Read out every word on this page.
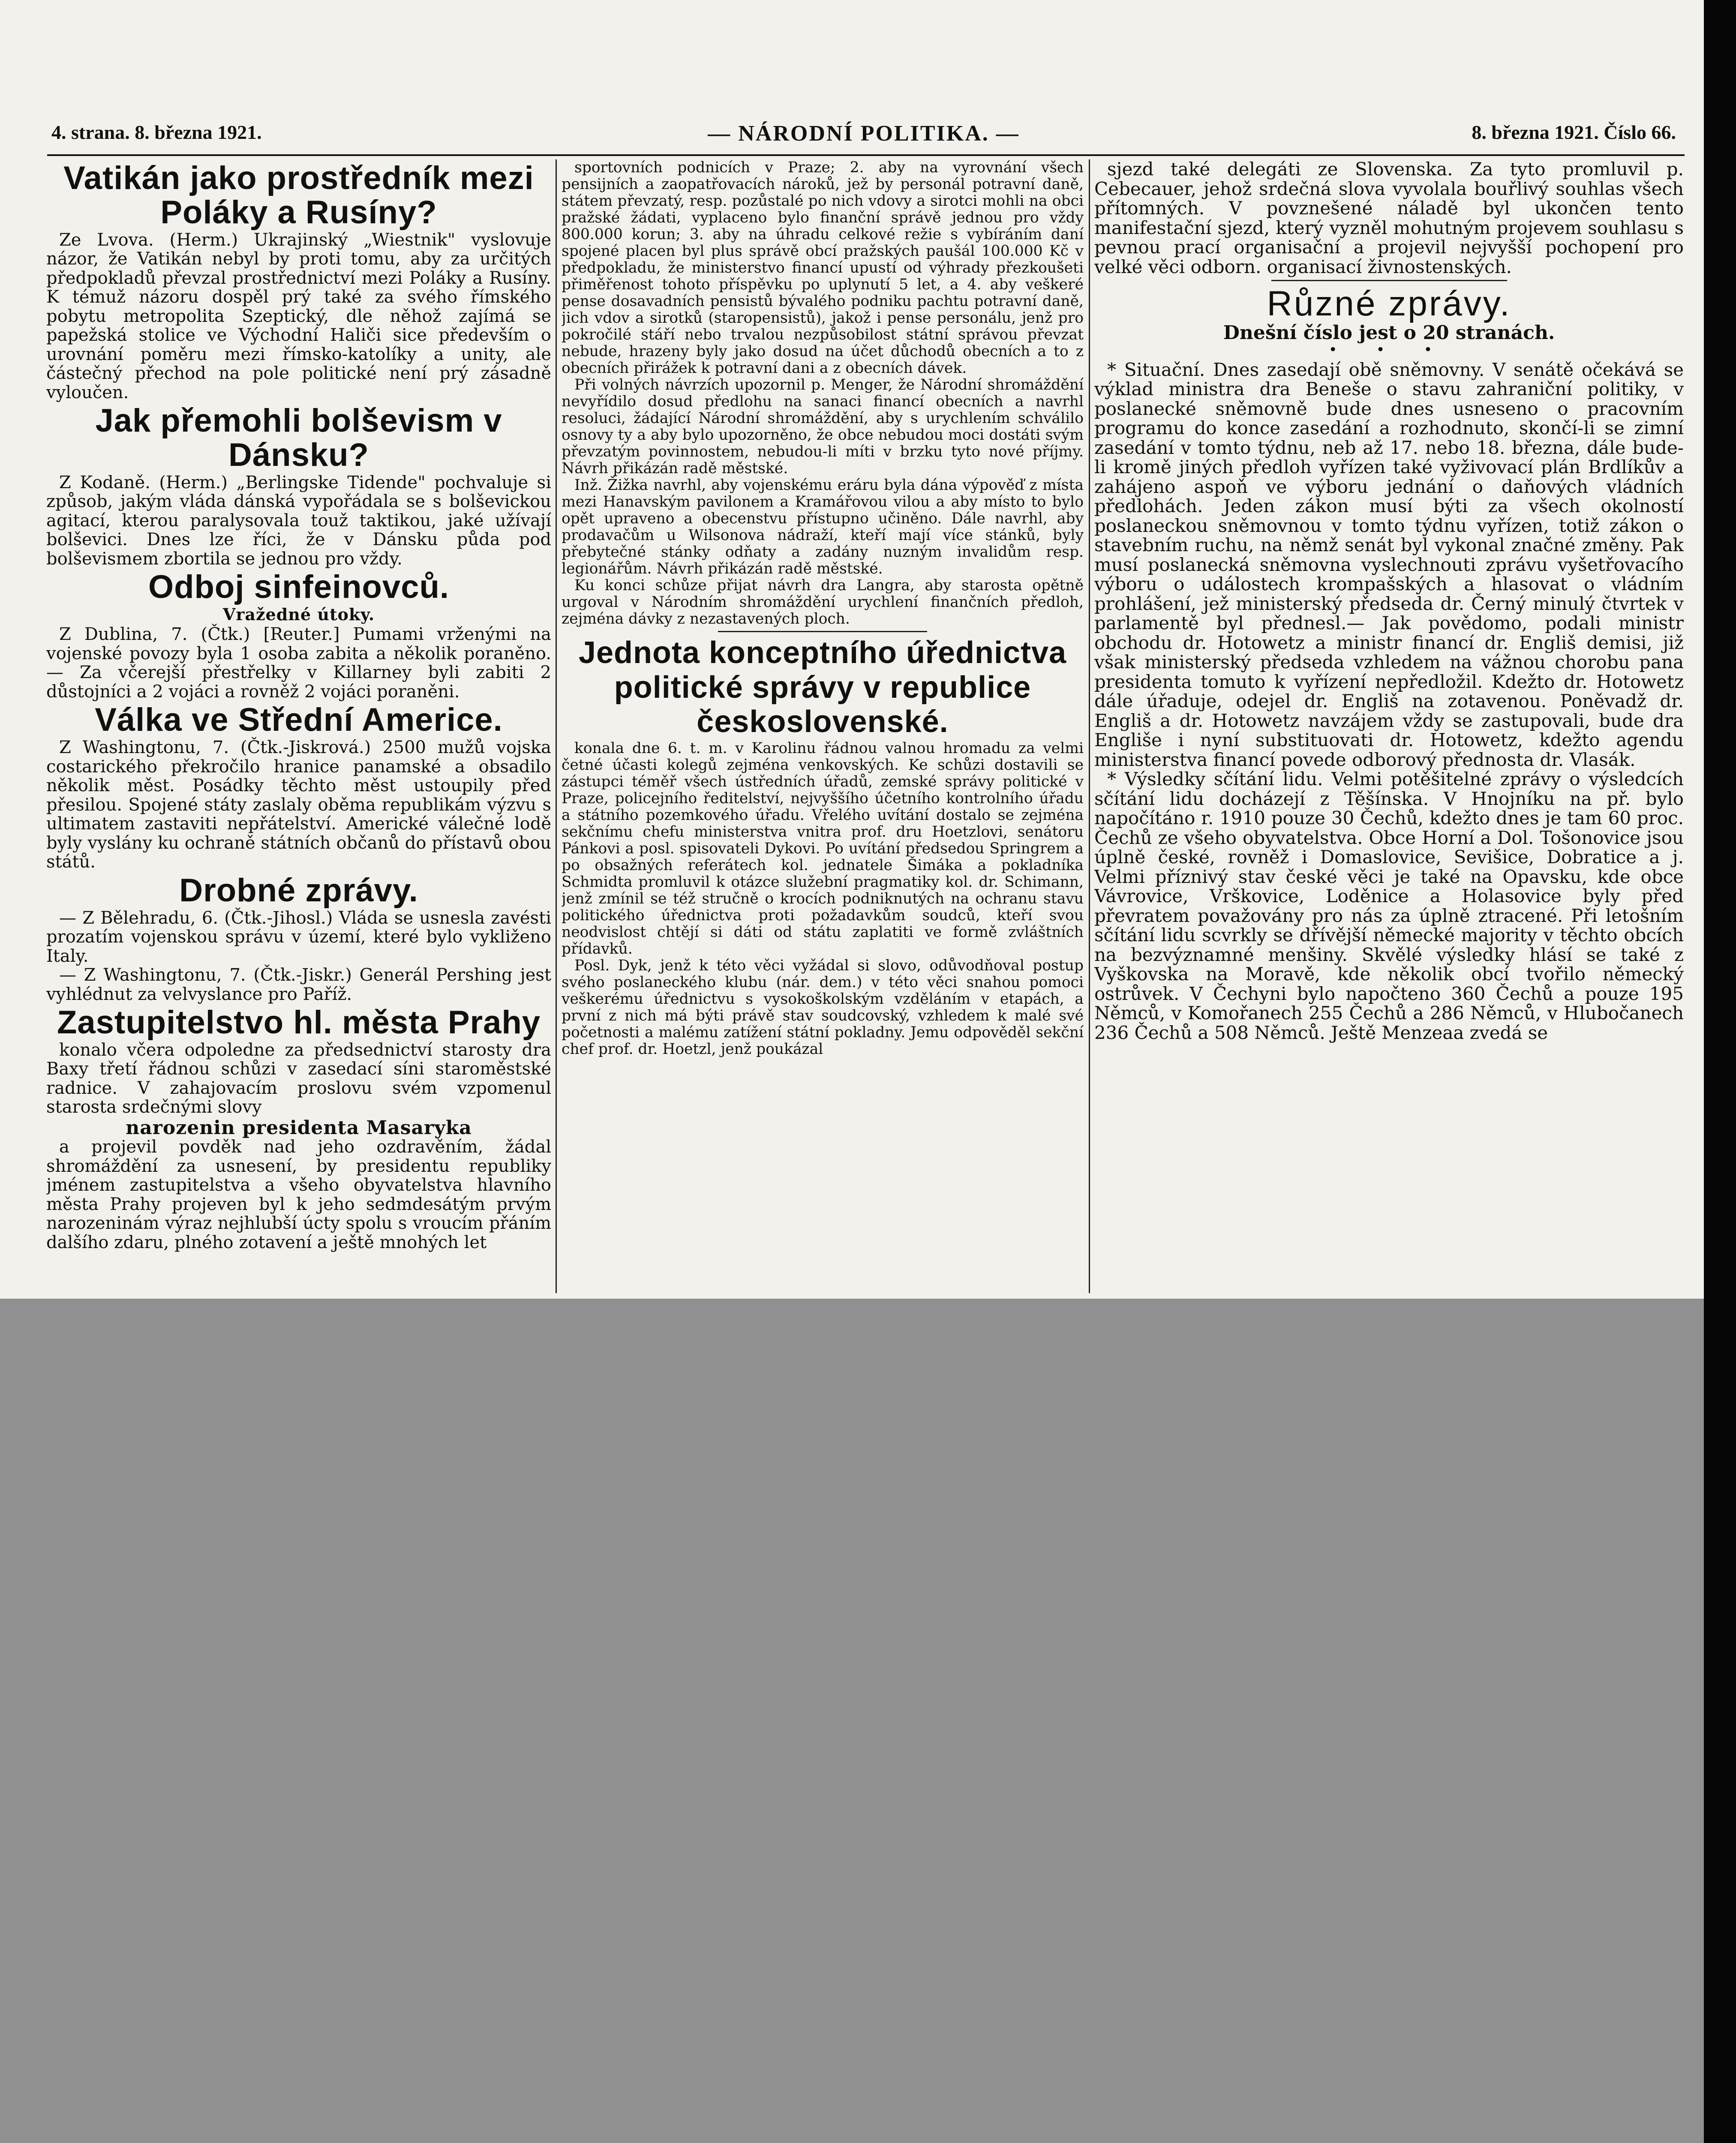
— NÁRODNÍ POLITIKA. —
4. strana. 8. března 1921.	8. března 1921. Číslo 66.
Vatikán jako prostředník mezi Poláky a Rusíny?

Ze Lvova. (Herm.) Ukrajinský „Wiestnik" vyslovuje názor, že Vatikán nebyl by proti tomu, aby za určitých předpokladů převzal prostřednictví mezi Poláky a Rusíny. K témuž názoru dospěl prý také za svého římského pobytu metropolita Szeptický, dle něhož zajímá se papežská stolice ve Východní Haliči sice především o urovnání poměru mezi římsko-katolíky a unity, ale částečný přechod na pole politické není prý zásadně vyloučen.

Jak přemohli bolševism v Dánsku?

Z Kodaně. (Herm.) „Berlingske Tidende" pochvaluje si způsob, jakým vláda dánská vypořádala se s bolševickou agitací, kterou paralysovala touž taktikou, jaké užívají bolševici. Dnes lze říci, že v Dánsku půda pod bolševismem zbortila se jednou pro vždy.

Odboj sinfeinovců.
Vražedné útoky.

Z Dublina, 7. (Čtk.) [Reuter.] Pumami vrženými na vojenské povozy byla 1 osoba zabita a několik poraněno. — Za včerejší přestřelky v Killarney byli zabiti 2 důstojníci a 2 vojáci a rovněž 2 vojáci poraněni.

Válka ve Střední Americe.

Z Washingtonu, 7. (Čtk.-Jiskrová.) 2500 mužů vojska costarického překročilo hranice panamské a obsadilo několik měst. Posádky těchto měst ustoupily před přesilou. Spojené státy zaslaly oběma republikám výzvu s ultimatem zastaviti nepřátelství. Americké válečné lodě byly vyslány ku ochraně státních občanů do přístavů obou států.

Drobné zprávy.

— Z Bělehradu, 6. (Čtk.-Jihosl.) Vláda se usnesla zavésti prozatím vojenskou správu v území, které bylo vykliženo Italy.

— Z Washingtonu, 7. (Čtk.-Jiskr.) Generál Pershing jest vyhlédnut za velvyslance pro Paříž.

Zastupitelstvo hl. města Prahy

konalo včera odpoledne za předsednictví starosty dra Baxy třetí řádnou schůzi v zasedací síni staroměstské radnice. V zahajovacím proslovu svém vzpomenul starosta srdečnými slovy

narozenin presidenta Masaryka

a projevil povděk nad jeho ozdravěním, žádal shromáždění za usnesení, by presidentu republiky jménem zastupitelstva a všeho obyvatelstva hlavního města Prahy projeven byl k jeho sedmdesátým prvým narozeninám výraz nejhlubší úcty spolu s vroucím přáním dalšího zdaru, plného zotavení a ještě mnohých let

sportovních podnicích v Praze; 2. aby na vyrovnání všech pensijních a zaopatřovacích nároků, jež by personál potravní daně, státem převzatý, resp. pozůstalé po nich vdovy a sirotci mohli na obci pražské žádati, vyplaceno bylo finanční správě jednou pro vždy 800.000 korun; 3. aby na úhradu celkové režie s vybíráním daní spojené placen byl plus správě obcí pražských paušál 100.000 Kč v předpokladu, že ministerstvo financí upustí od výhrady přezkoušeti přiměřenost tohoto příspěvku po uplynutí 5 let, a 4. aby veškeré pense dosavadních pensistů bývalého podniku pachtu potravní daně, jich vdov a sirotků (staropensistů), jakož i pense personálu, jenž pro pokročilé stáří nebo trvalou nezpůsobilost státní správou převzat nebude, hrazeny byly jako dosud na účet důchodů obecních a to z obecních přirážek k potravní dani a z obecních dávek.

Při volných návrzích upozornil p. Menger, že Národní shromáždění nevyřídilo dosud předlohu na sanaci financí obecních a navrhl resoluci, žádající Národní shromáždění, aby s urychlením schválilo osnovy ty a aby bylo upozorněno, že obce nebudou moci dostáti svým převzatým povinnostem, nebudou-li míti v brzku tyto nové příjmy. Návrh přikázán radě městské.

Inž. Žižka navrhl, aby vojenskému eráru byla dána výpověď z místa mezi Hanavským pavilonem a Kramářovou vilou a aby místo to bylo opět upraveno a obecenstvu přístupno učiněno. Dále navrhl, aby prodavačům u Wilsonova nádraží, kteří mají více stánků, byly přebytečné stánky odňaty a zadány nuzným invalidům resp. legionářům. Návrh přikázán radě městské.

Ku konci schůze přijat návrh dra Langra, aby starosta opětně urgoval v Národním shromáždění urychlení finančních předloh, zejména dávky z nezastavených ploch.

Jednota konceptního úřednictva politické správy v republice československé.

konala dne 6. t. m. v Karolinu řádnou valnou hromadu za velmi četné účasti kolegů zejména venkovských. Ke schůzi dostavili se zástupci téměř všech ústředních úřadů, zemské správy politické v Praze, policejního ředitelství, nejvyššího účetního kontrolního úřadu a státního pozemkového úřadu. Vřelého uvítání dostalo se zejména sekčnímu chefu ministerstva vnitra prof. dru Hoetzlovi, senátoru Pánkovi a posl. spisovateli Dykovi. Po uvítání předsedou Springrem a po obsažných referátech kol. jednatele Šimáka a pokladníka Schmidta promluvil k otázce služební pragmatiky kol. dr. Schimann, jenž zmínil se též stručně o krocích podniknutých na ochranu stavu politického úřednictva proti požadavkům soudců, kteří svou neodvislost chtějí si dáti od státu zaplatiti ve formě zvláštních přídavků.

Posl. Dyk, jenž k této věci vyžádal si slovo, odůvodňoval postup svého poslaneckého klubu (nár. dem.) v této věci snahou pomoci veškerému úřednictvu s vysokoškolským vzděláním v etapách, a první z nich má býti právě stav soudcovský, vzhledem k malé své početnosti a malému zatížení státní pokladny. Jemu odpověděl sekční chef prof. dr. Hoetzl, jenž poukázal

sjezd také delegáti ze Slovenska. Za tyto promluvil p. Cebecauer, jehož srdečná slova vyvolala bouřlivý souhlas všech přítomných. V povznešené náladě byl ukončen tento manifestační sjezd, který vyzněl mohutným projevem souhlasu s pevnou prací organisační a projevil nejvyšší pochopení pro velké věci odborn. organisací živnostenských.

Různé zprávy.
Dnešní číslo jest o 20 stranách.
• • •

* Situační. Dnes zasedají obě sněmovny. V senátě očekává se výklad ministra dra Beneše o stavu zahraniční politiky, v poslanecké sněmovně bude dnes usneseno o pracovním programu do konce zasedání a rozhodnuto, skončí-li se zimní zasedání v tomto týdnu, neb až 17. nebo 18. března, dále bude-li kromě jiných předloh vyřízen také vyživovací plán Brdlíkův a zahájeno aspoň ve výboru jednání o daňových vládních předlohách. Jeden zákon musí býti za všech okolností poslaneckou sněmovnou v tomto týdnu vyřízen, totiž zákon o stavebním ruchu, na němž senát byl vykonal značné změny. Pak musí poslanecká sněmovna vyslechnouti zprávu vyšetřovacího výboru o událostech krompašských a hlasovat o vládním prohlášení, jež ministerský předseda dr. Černý minulý čtvrtek v parlamentě byl přednesl.— Jak povědomo, podali ministr obchodu dr. Hotowetz a ministr financí dr. Engliš demisi, již však ministerský předseda vzhledem na vážnou chorobu pana presidenta tomuto k vyřízení nepředložil. Kdežto dr. Hotowetz dále úřaduje, odejel dr. Engliš na zotavenou. Poněvadž dr. Engliš a dr. Hotowetz navzájem vždy se zastupovali, bude dra Engliše i nyní substituovati dr. Hotowetz, kdežto agendu ministerstva financí povede odborový přednosta dr. Vlasák.

* Výsledky sčítání lidu. Velmi potěšitelné zprávy o výsledcích sčítání lidu docházejí z Těšínska. V Hnojníku na př. bylo napočítáno r. 1910 pouze 30 Čechů, kdežto dnes je tam 60 proc. Čechů ze všeho obyvatelstva. Obce Horní a Dol. Tošonovice jsou úplně české, rovněž i Domaslovice, Sevišice, Dobratice a j. Velmi příznivý stav české věci je také na Opavsku, kde obce Vávrovice, Vrškovice, Loděnice a Holasovice byly před převratem považovány pro nás za úplně ztracené. Při letošním sčítání lidu scvrkly se dřívější německé majority v těchto obcích na bezvýznamné menšiny. Skvělé výsledky hlásí se také z Vyškovska na Moravě, kde několik obcí tvořilo německý ostrůvek. V Čechyni bylo napočteno 360 Čechů a pouze 195 Němců, v Komořanech 255 Čechů a 286 Němců, v Hlubočanech 236 Čechů a 508 Němců. Ještě Menzeaa zvedá se
